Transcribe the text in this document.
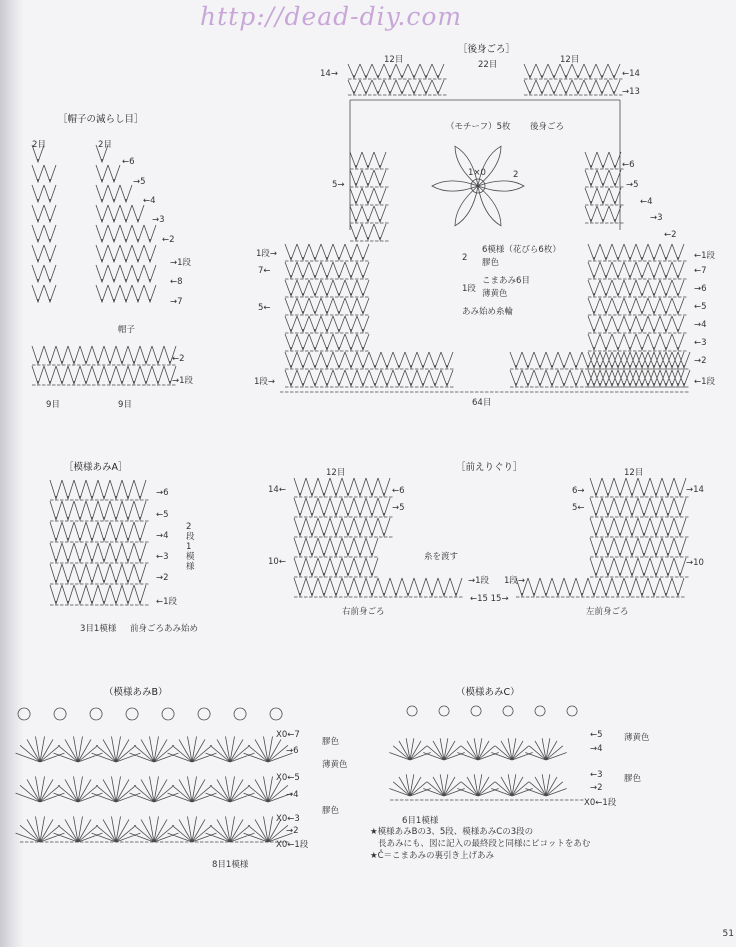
http://dead-diy.com
［帽子の減らし目］
2目	2目
←6
→5
←4
→3
←2
→1段
←8
→7
帽子
←2
→1段
9目	9目
［後身ごろ］
12目	22目	12目
14→	←14
→13
（モチーフ）5枚 後身ごろ
1×0	2
2
6模様（花びら6枚）
膠色
1段
こまあみ6目
薄黄色
あみ始め糸輪
5→
1段→
7←
5←
1段→
←6
→5
←4
→3
←2
←1段
←7
→6
←5
→4
←3
→2
←1段
64目
［模様あみA］
→6
←5
→4
←3
→2
←1段
2段1模様
3目1模様 前身ごろあみ始め
［前えりぐり］
12目	12目
14←	←6
→5
10←	糸を渡す
→1段
←15 15→
右前身ごろ
→14
6→
5←
→10
1段→
左前身ごろ
（模様あみB）
X0←7
→6
X0←5
→4
X0←3
→2
X0←1段
膠色
薄黄色
膠色
8目1模様
（模様あみC）
←5
→4
←3
→2
X0←1段
薄黄色
膠色
6目1模様
★模様あみBの3、5段、模様あみCの3段の
長あみにも、図に記入の最終段と同様にピコットをあむ
★Č＝こまあみの裏引き上げあみ
51
